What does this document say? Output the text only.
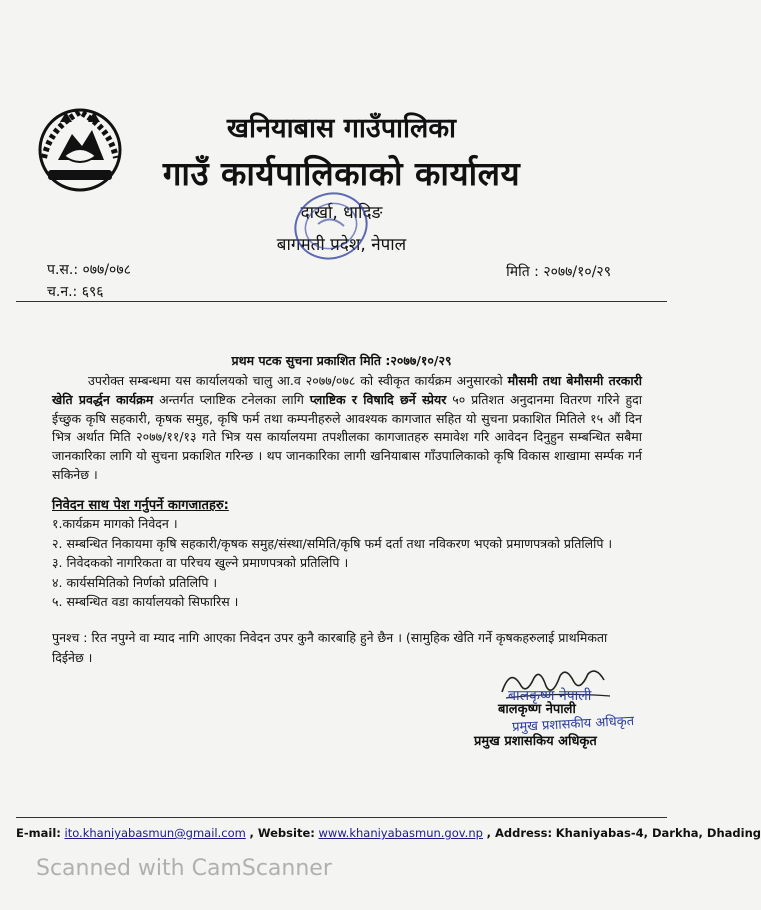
खनियाबास गाउँपालिका
गाउँ कार्यपालिकाको कार्यालय
दार्खा, धादिङ
बागमती प्रदेश, नेपाल
प.स.: ०७७/०७८
च.न.: ६९६
मिति : २०७७/१०/२९
प्रथम पटक सुचना प्रकाशित मिति :२०७७/१०/२९
उपरोक्त सम्बन्धमा यस कार्यालयको चालु आ.व २०७७/०७८ को स्वीकृत कार्यक्रम अनुसारको मौसमी तथा बेमौसमी तरकारी खेति प्रवर्द्धन कार्यक्रम अन्तर्गत प्लाष्टिक टनेलका लागि प्लाष्टिक र विषादि छर्ने स्प्रेयर ५० प्रतिशत अनुदानमा वितरण गरिने हुदा ईच्छुक कृषि सहकारी, कृषक समुह, कृषि फर्म तथा कम्पनीहरुले आवश्यक कागजात सहित यो सुचना प्रकाशित मितिले १५ औं दिन भित्र अर्थात मिति २०७७/११/१३ गते भित्र यस कार्यालयमा तपशीलका कागजातहरु समावेश गरि आवेदन दिनुहुन सम्बन्धित सबैमा जानकारिका लागि यो सुचना प्रकाशित गरिन्छ । थप जानकारिका लागी खनियाबास गाँउपालिकाको कृषि विकास शाखामा सर्म्पक गर्न सकिनेछ ।
निवेदन साथ पेश गर्नुपर्ने कागजातहरु:
१.कार्यक्रम मागको निवेदन ।
२. सम्बन्धित निकायमा कृषि सहकारी/कृषक समुह/संस्था/समिति/कृषि फर्म दर्ता तथा नविकरण भएको प्रमाणपत्रको प्रतिलिपि ।
३. निवेदकको नागरिकता वा परिचय खुल्ने प्रमाणपत्रको प्रतिलिपि ।
४. कार्यसमितिको निर्णको प्रतिलिपि ।
५. सम्बन्धित वडा कार्यालयको सिफारिस ।
पुनश्च : रित नपुग्ने वा म्याद नागि आएका निवेदन उपर कुनै कारबाहि हुने छैन । (सामुहिक खेति गर्ने कृषकहरुलाई प्राथमिकता दिईनेछ ।
बालकृष्ण नेपाली
बालकृष्ण नेपाली
प्रमुख प्रशासकीय अधिकृत
प्रमुख प्रशासकिय अधिकृत
E-mail: ito.khaniyabasmun@gmail.com , Website: www.khaniyabasmun.gov.np , Address: Khaniyabas-4, Darkha, Dhading
Scanned with CamScanner
